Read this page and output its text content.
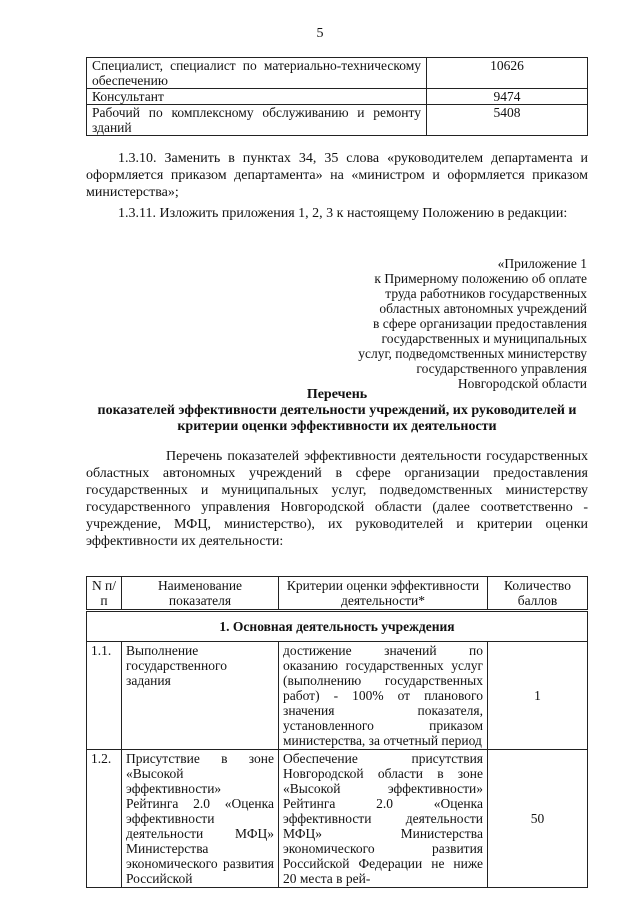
5
Специалист, специалист по материально-техническому обеспечению	10626
Консультант	9474
Рабочий по комплексному обслуживанию и ремонту зданий	5408
1.3.10. Заменить в пунктах 34, 35 слова «руководителем департамента и оформляется приказом департамента» на «министром и оформляется приказом министерства»;
1.3.11. Изложить приложения 1, 2, 3 к настоящему Положению в редакции:
«Приложение 1
к Примерному положению об оплате
труда работников государственных
областных автономных учреждений
в сфере организации предоставления
государственных и муниципальных
услуг, подведомственных министерству
государственного управления
Новгородской области
Перечень
показателей эффективности деятельности учреждений, их руководителей и критерии оценки эффективности их деятельности
Перечень показателей эффективности деятельности государственных областных автономных учреждений в сфере организации предоставления государственных и муниципальных услуг, подведомственных министерству государственного управления Новгородской области (далее соответственно - учреждение, МФЦ, министерство), их руководителей и критерии оценки эффективности их деятельности:
N п/п	Наименование показателя	Критерии оценки эффективности деятельности*	Количество баллов
1. Основная деятельность учреждения			
1.1.	Выполнение государственного задания	достижение значений по оказанию государственных услуг (выполнению государственных работ) - 100% от планового значения показателя, установленного приказом министерства, за отчетный период	1
1.2.	Присутствие в зоне «Высокой эффективности» Рейтинга 2.0 «Оценка эффективности деятельности МФЦ» Министерства экономического развития Российской	Обеспечение присутствия Новгородской области в зоне «Высокой эффективности» Рейтинга 2.0 «Оценка эффективности деятельности МФЦ» Министерства экономического развития Российской Федерации не ниже 20 места в рей-	50
